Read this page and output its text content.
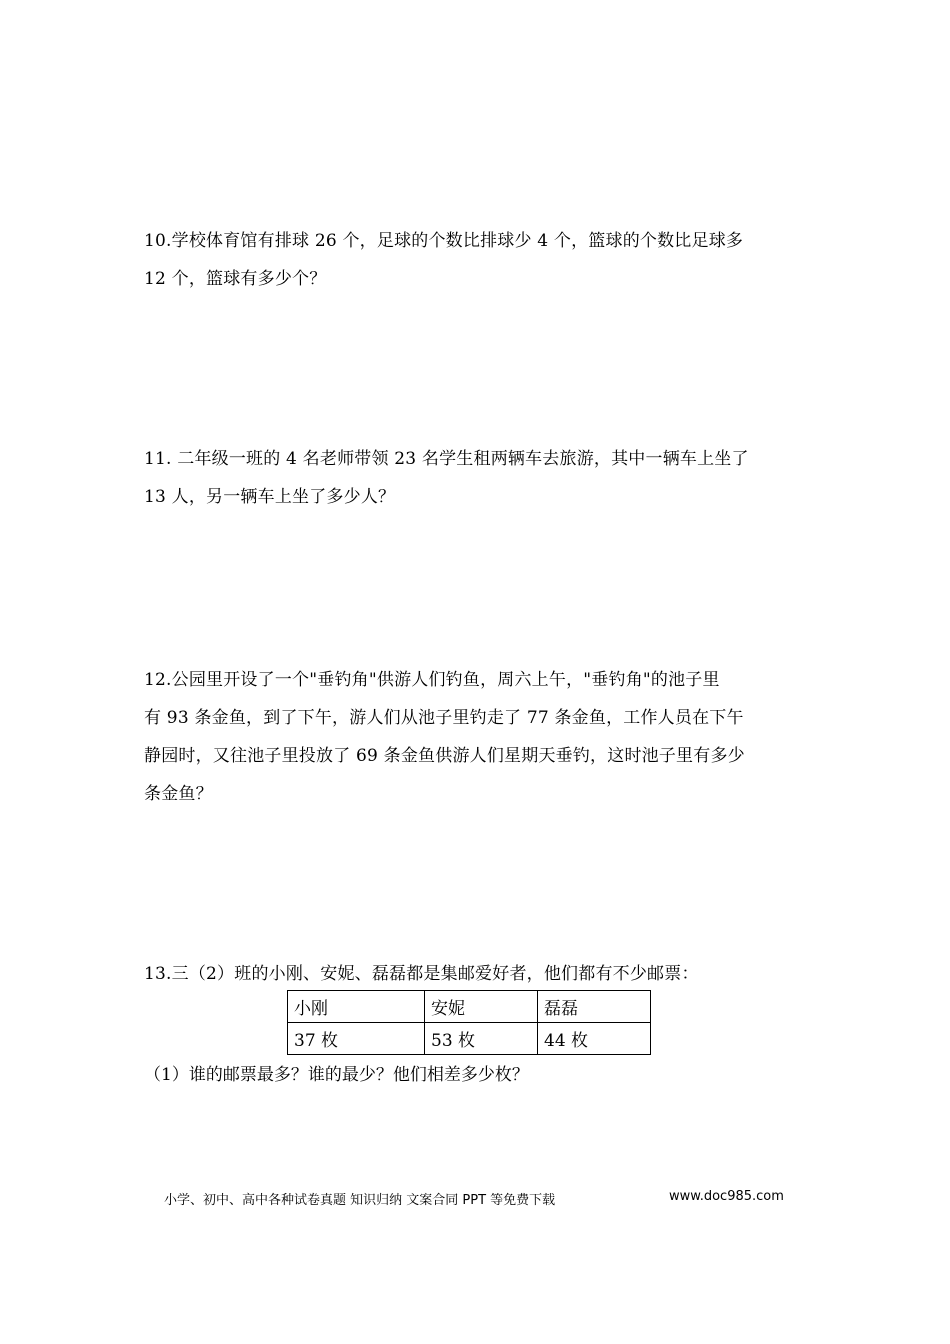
10.学校体育馆有排球 26 个，足球的个数比排球少 4 个，篮球的个数比足球多

12 个，篮球有多少个？

11. 二年级一班的 4 名老师带领 23 名学生租两辆车去旅游，其中一辆车上坐了

13 人，另一辆车上坐了多少人？

12.公园里开设了一个"垂钓角"供游人们钓鱼，周六上午，"垂钓角"的池子里

有 93 条金鱼，到了下午，游人们从池子里钓走了 77 条金鱼，工作人员在下午

静园时，又往池子里投放了 69 条金鱼供游人们星期天垂钓，这时池子里有多少

条金鱼？

13.三（2）班的小刚、安妮、磊磊都是集邮爱好者，他们都有不少邮票：

小刚	安妮	磊磊
37 枚	53 枚	44 枚
（1）谁的邮票最多？谁的最少？他们相差多少枚？
小学、初中、高中各种试卷真题 知识归纳 文案合同 PPT 等免费下载	www.doc985.com
